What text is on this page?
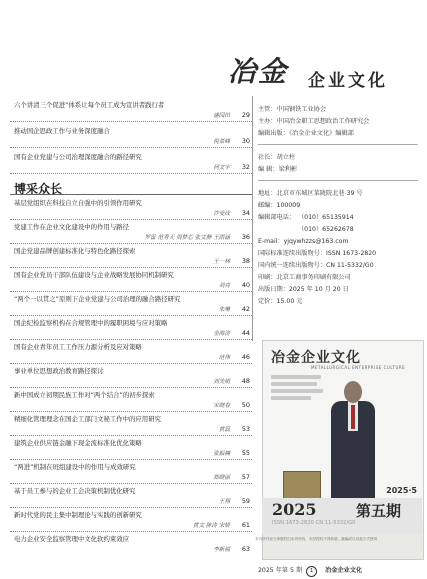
冶金 企业文化
六个讲清三个促进”体系让每个员工成为宣讲者践行者
盛园田 29
推动国企思政工作与业务深度融合
倪景峰 30
国有企业党建与公司治理深度融合的路径研究
何文宇 32
博采众长
基层党组织在科技自立自强中的引领作用研究
许爱成 34
党建工作在企业文化建设中的作用与路径
罗雷 范秀天 周梦芯 张文静 王雨涵 36
国企党建品牌创建标准化与特色化路径探索
王一林 38
国有企业党员干部队伍建设与企业战略发展协同机制研究
刘亮 40
“两个一以贯之”原则下企业党建与公司治理的融合路径研究
朱琳 42
国企纪检监察机构在合规管理中的履职困境与应对策略
金海涛 44
国有企业青年员工工作压力源分析及应对策略
范伟 46
事业单位思想政治教育路径探讨
刘美娟 48
新中国成立初期民族工作对“两个结合”的初步探索
宋晓春 50
精细化管理理念在国企工部门文秘工作中的应用研究
黄磊 53
建筑企业供应链金融下现金流标准化优化策略
张振楠 55
“两进”机制在班组建设中的作用与成效研究
郑晓丽 57
基于员工参与的企业工会决策机制优化研究
王翔 59
新时代党的民主集中制理论与实践的创新研究
黄文 陈涛 宋娇 61
电力企业安全监察管理中文化软约束效应
李新福 63
主管：中国钢铁工业协会
主办：中国冶金职工思想政治工作研究会
编辑出版：《冶金企业文化》编辑部
社长：胡立柱
编 辑：梁利彬
地址：北京市东城区菜陇院北巷 39 号
邮编：100009
编辑部电话： （010）65135914
（010）65262678
E-mail：yjqywhzzs@163.com
国际标准连续出版物号：ISSN 1673-2820
国内统一连续出版物号：CN 11-5332/G0
印刷：北京工商事务印刷有限公司
出版日期：2025 年 10 月 20 日
定价：15.00 元
冶金企业文化
METALLURGICAL ENTERPRISE CULTURE
2025·5
2025	第五期
ISSN 1673-2820 CN 11-5332/G0
本刊所刊登文章版权归本刊所有，未经授权不得转载、摘编或以其他方式使用
2025 年第 5 期 1 冶金企业文化
